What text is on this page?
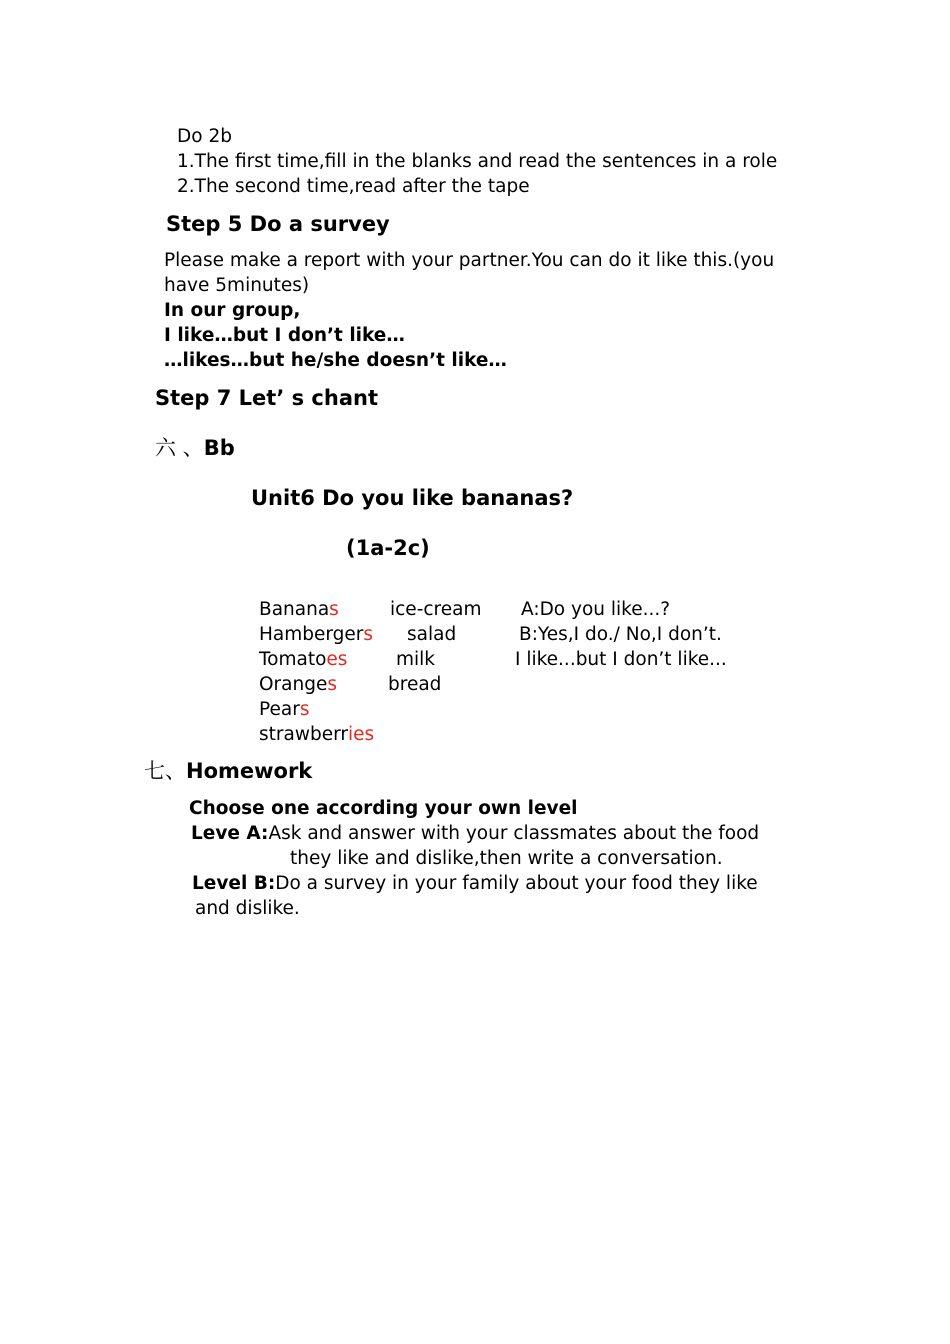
Do 2b
1.The first time,fill in the blanks and read the sentences in a role
2.The second time,read after the tape
Step 5 Do a survey
Please make a report with your partner.You can do it like this.(you
have 5minutes)
In our group,
I like…but I don’t like…
…likes…but he/she doesn’t like…
Step 7 Let’ s chant
六 、Bb
Unit6 Do you like bananas?
(1a-2c)
Bananas
Hambergers
Tomatoes
Oranges
Pears
strawberries
ice-cream
salad
milk
bread
A:Do you like...?
B:Yes,I do./ No,I don’t.
I like...but I don’t like...
七、Homework
Choose one according your own level
Leve A:Ask and answer with your classmates about the food
they like and dislike,then write a conversation.
Level B:Do a survey in your family about your food they like
and dislike.
